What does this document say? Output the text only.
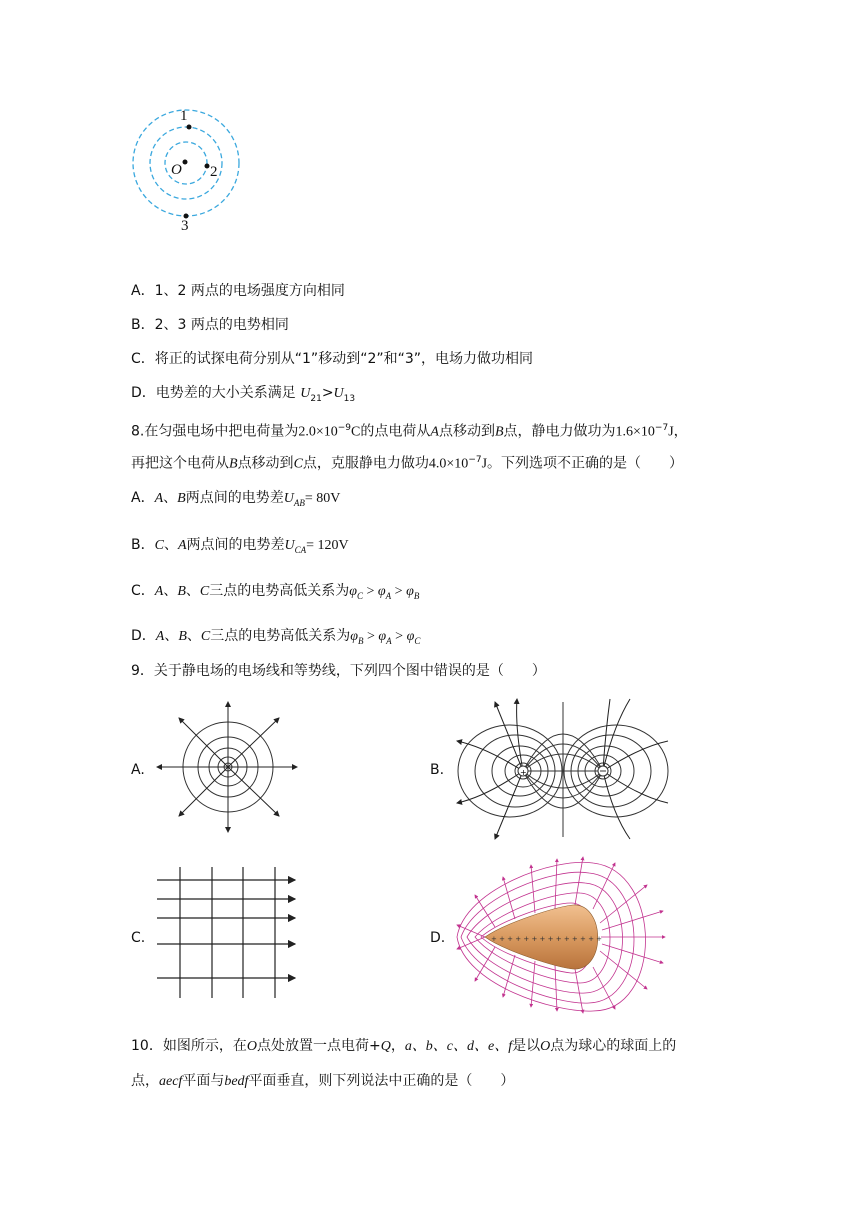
1
O 2
3
A．1、2 两点的电场强度方向相同
B．2、3 两点的电势相同
C．将正的试探电荷分别从“1”移动到“2”和“3”，电场力做功相同
D．电势差的大小关系满足 $U_{21}>U_{13}$
8.在匀强电场中把电荷量为$2.0\times 10^{-9}C$的点电荷从A点移动到B点，静电力做功为$1.6\times 10^{-7}J$，
再把这个电荷从B点移动到C点，克服静电力做功$4.0\times 10^{-7}J$。下列选项不正确的是（　　）
A．A、B两点间的电势差$U_{AB}= 80V$
B．C、A两点间的电势差$U_{CA}= 120V$
C．A、B、C三点的电势高低关系为$\varphi_C > \varphi_A > \varphi_B$
D．A、B、C三点的电势高低关系为$\varphi_B > \varphi_A > \varphi_C$
9．关于静电场的电场线和等势线，下列四个图中错误的是（　　）
A.	B.
C.	D.
+
+ + + + + + + + + + + + + +
10．如图所示，在O点处放置一点电荷+Q，a、b、c、d、e、f是以O点为球心的球面上的
点，aecf平面与bedf平面垂直，则下列说法中正确的是（　　）
